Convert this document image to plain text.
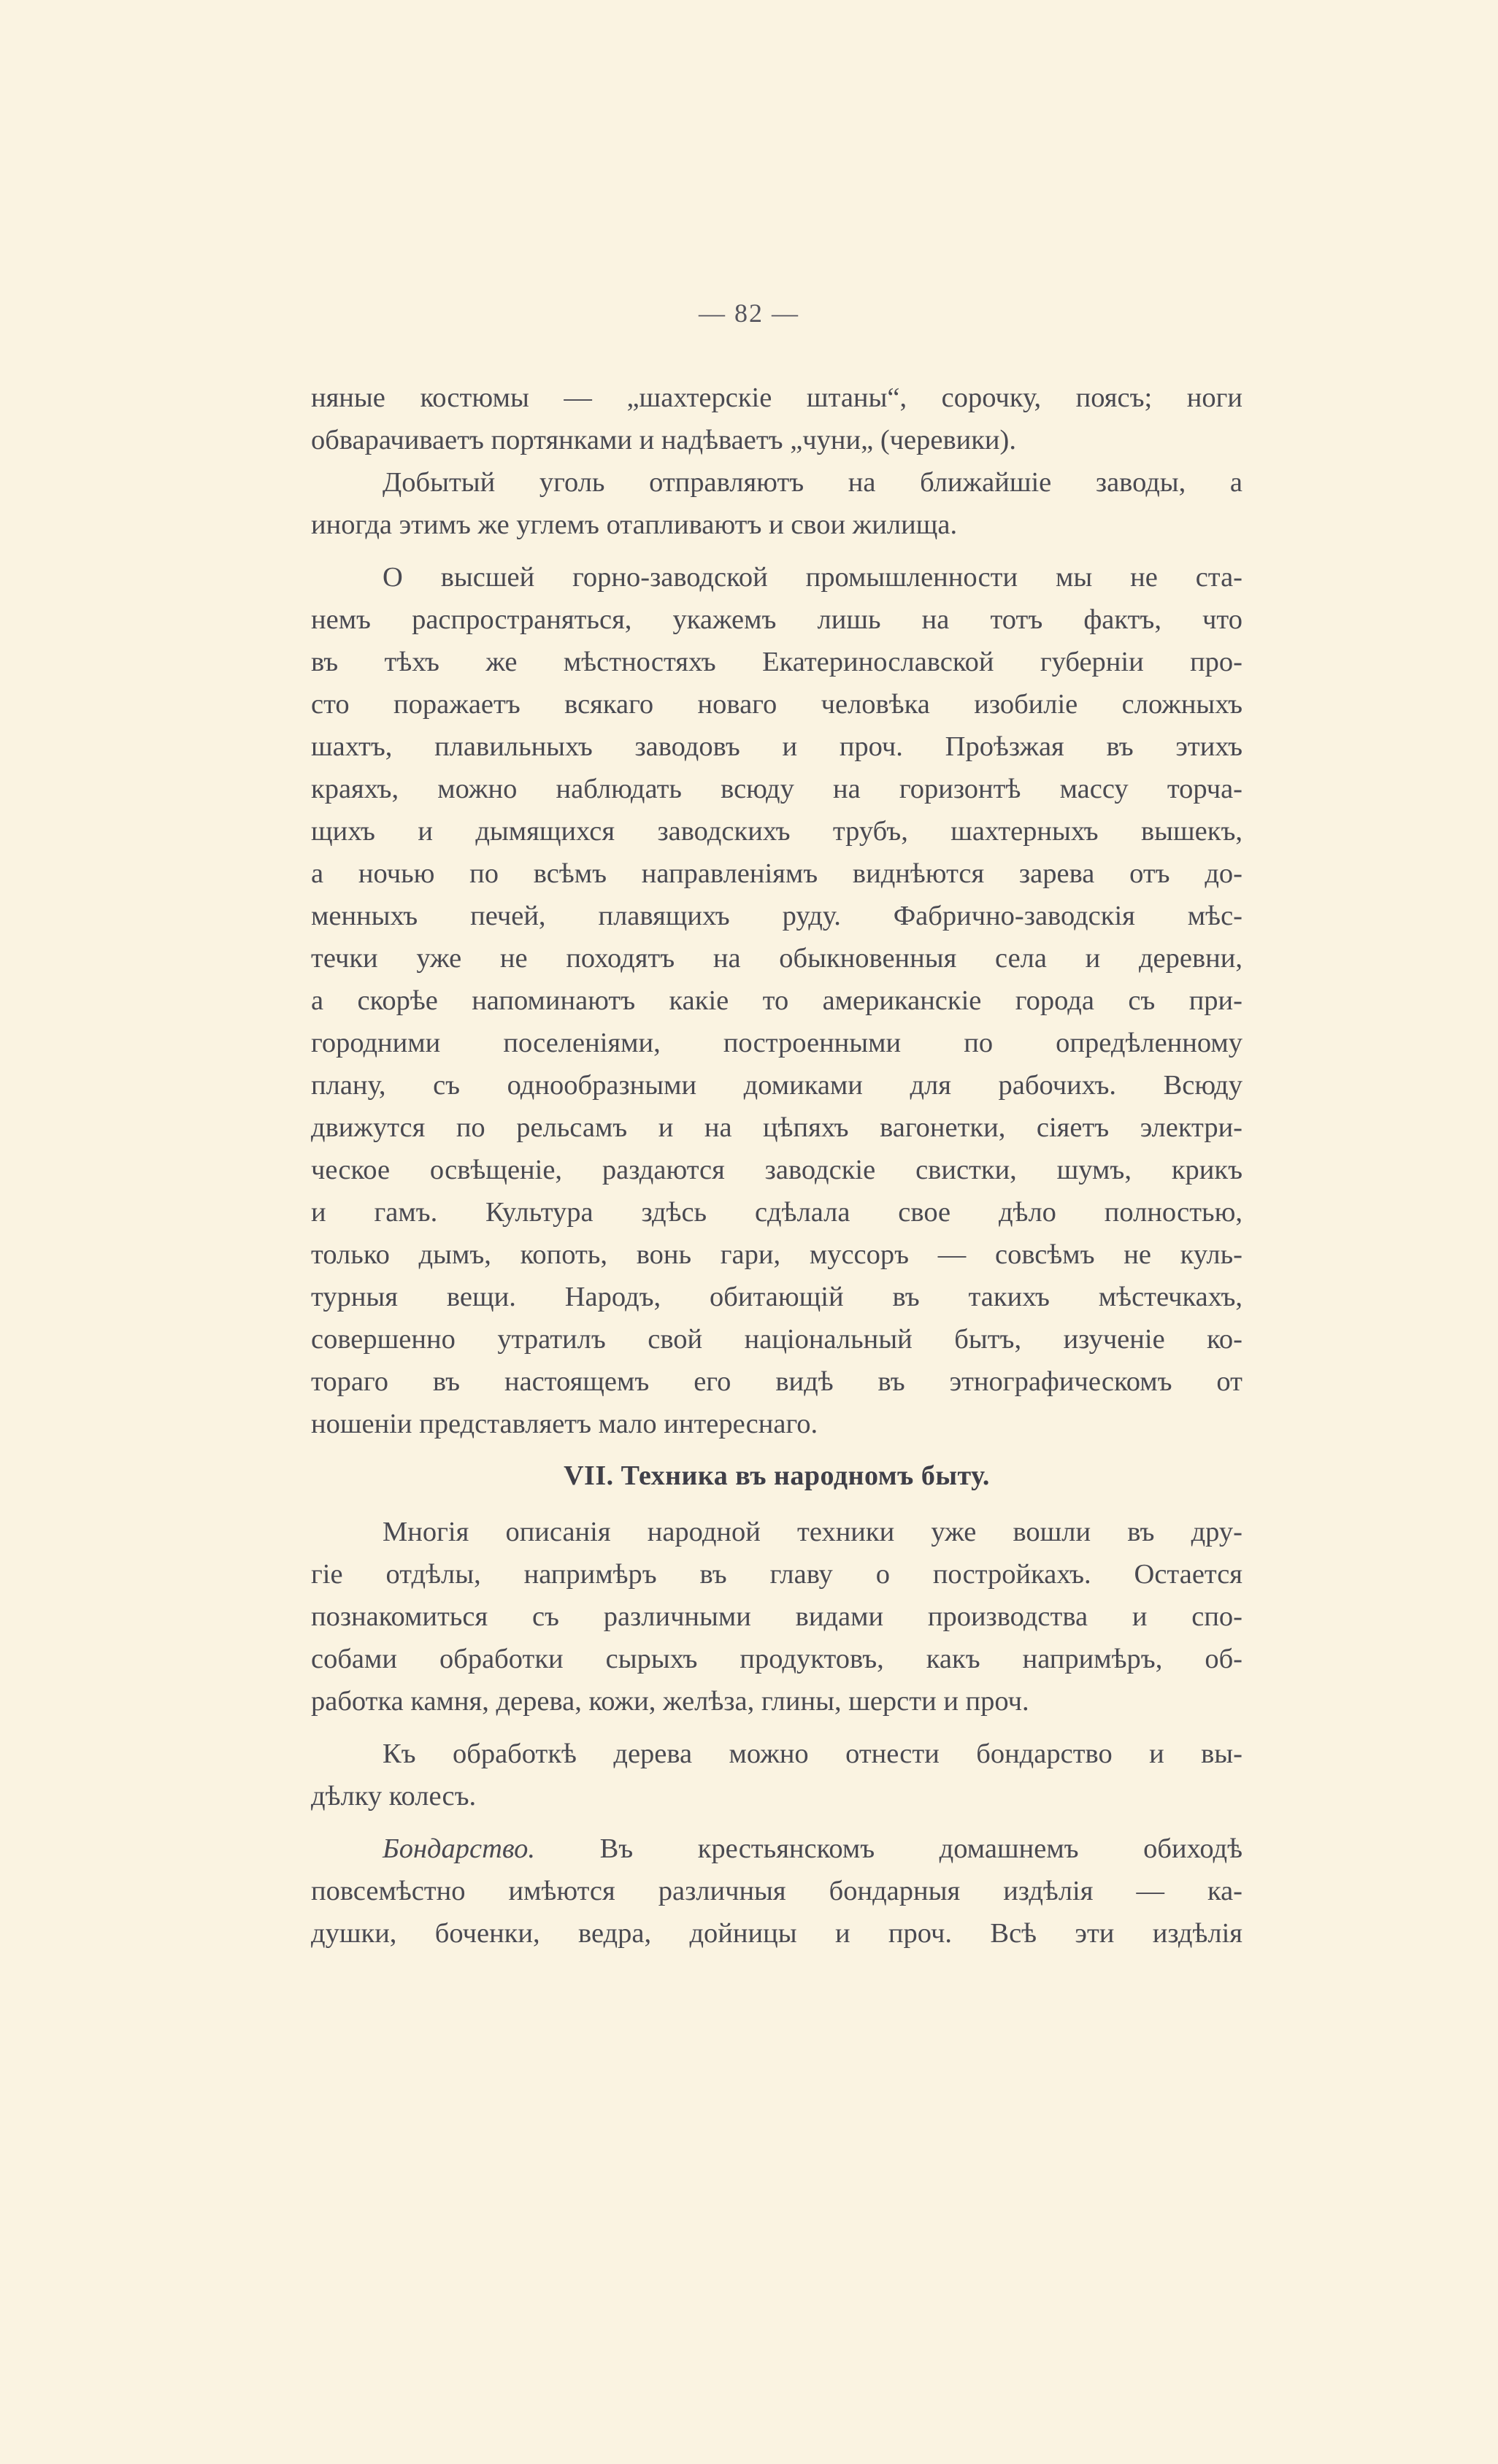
— 82 —
няные костюмы — „шахтерскіе штаны“, сорочку, поясъ; ноги
обварачиваетъ портянками и надѣваетъ „чуни„ (черевики).
Добытый уголь отправляютъ на ближайшіе заводы, а
иногда этимъ же углемъ отапливаютъ и свои жилища.
О высшей горно-заводской промышленности мы не ста-
немъ распространяться, укажемъ лишь на тотъ фактъ, что
въ тѣхъ же мѣстностяхъ Екатеринославской губерніи про-
сто поражаетъ всякаго новаго человѣка изобиліе сложныхъ
шахтъ, плавильныхъ заводовъ и проч. Проѣзжая въ этихъ
краяхъ, можно наблюдать всюду на горизонтѣ массу торча-
щихъ и дымящихся заводскихъ трубъ, шахтерныхъ вышекъ,
а ночью по всѣмъ направленіямъ виднѣются зарева отъ до-
менныхъ печей, плавящихъ руду. Фабрично-заводскія мѣс-
течки уже не походятъ на обыкновенныя села и деревни,
а скорѣе напоминаютъ какіе то американскіе города съ при-
городними поселеніями, построенными по опредѣленному
плану, съ однообразными домиками для рабочихъ. Всюду
движутся по рельсамъ и на цѣпяхъ вагонетки, сіяетъ электри-
ческое освѣщеніе, раздаются заводскіе свистки, шумъ, крикъ
и гамъ. Культура здѣсь сдѣлала свое дѣло полностью,
только дымъ, копоть, вонь гари, муссоръ — совсѣмъ не куль-
турныя вещи. Народъ, обитающій въ такихъ мѣстечкахъ,
совершенно утратилъ свой національный бытъ, изученіе ко-
тораго въ настоящемъ его видѣ въ этнографическомъ от
ношеніи представляетъ мало интереснаго.
VII. Техника въ народномъ быту.
Многія описанія народной техники уже вошли въ дру-
гіе отдѣлы, напримѣръ въ главу о постройкахъ. Остается
познакомиться съ различными видами производства и спо-
собами обработки сырыхъ продуктовъ, какъ напримѣръ, об-
работка камня, дерева, кожи, желѣза, глины, шерсти и проч.
Къ обработкѣ дерева можно отнести бондарство и вы-
дѣлку колесъ.
Бондарство. Въ крестьянскомъ домашнемъ обиходѣ
повсемѣстно имѣются различныя бондарныя издѣлія — ка-
душки, боченки, ведра, дойницы и проч. Всѣ эти издѣлія
